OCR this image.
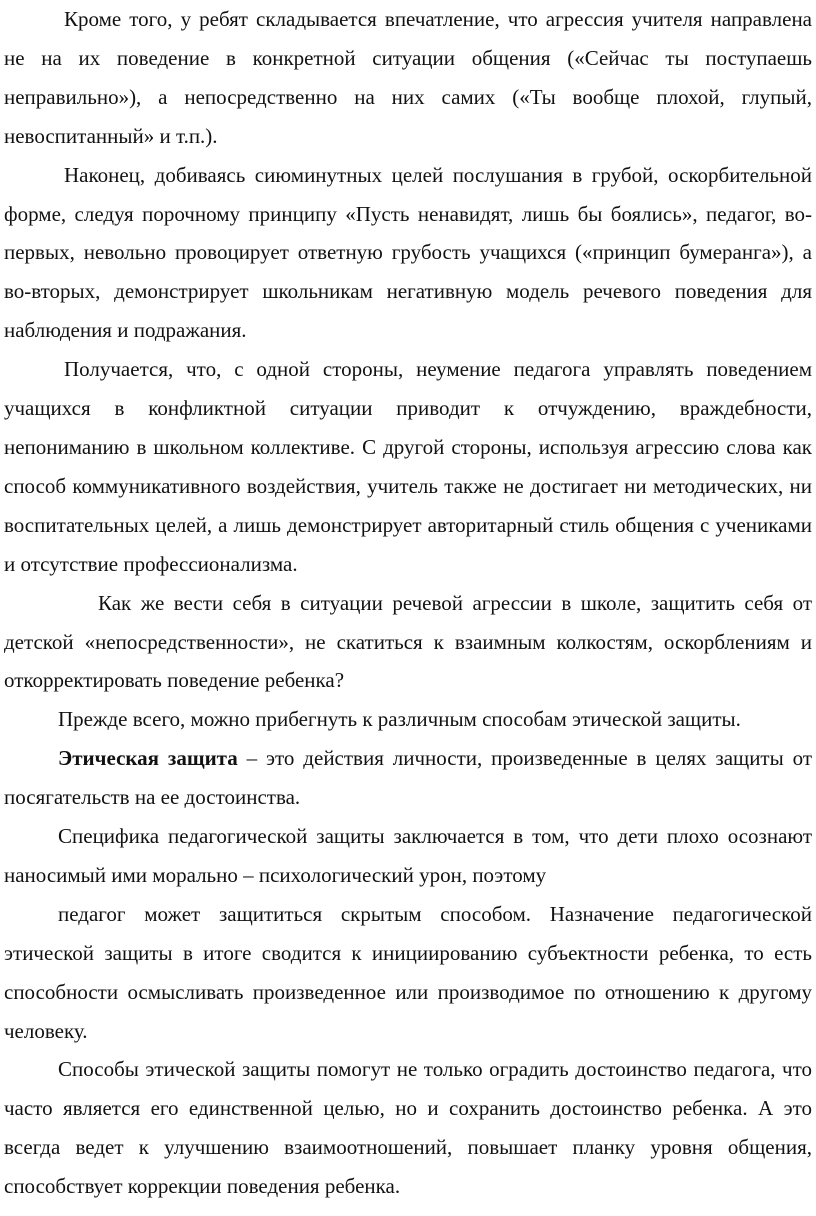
Кроме того, у ребят складывается впечатление, что агрессия учителя направлена не на их поведение в конкретной ситуации общения («Сейчас ты поступаешь неправильно»), а непосредственно на них самих («Ты вообще плохой, глупый, невоспитанный» и т.п.).

Наконец, добиваясь сиюминутных целей послушания в грубой, оскорбительной форме, следуя порочному принципу «Пусть ненавидят, лишь бы боялись», педагог, во-первых, невольно провоцирует ответную грубость учащихся («принцип бумеранга»), а во-вторых, демонстрирует школьникам негативную модель речевого поведения для наблюдения и подражания.

Получается, что, с одной стороны, неумение педагога управлять поведением учащихся в конфликтной ситуации приводит к отчуждению, враждебности, непониманию в школьном коллективе. С другой стороны, используя агрессию слова как способ коммуникативного воздействия, учитель также не достигает ни методических, ни воспитательных целей, а лишь демонстрирует авторитарный стиль общения с учениками и отсутствие профессионализма.

Как же вести себя в ситуации речевой агрессии в школе, защитить себя от детской «непосредственности», не скатиться к взаимным колкостям, оскорблениям и откорректировать поведение ребенка?

Прежде всего, можно прибегнуть к различным способам этической защиты.

Этическая защита – это действия личности, произведенные в целях защиты от посягательств на ее достоинства.

Специфика педагогической защиты заключается в том, что дети плохо осознают наносимый ими морально – психологический урон, поэтому

педагог может защититься скрытым способом. Назначение педагогической этической защиты в итоге сводится к инициированию субъектности ребенка, то есть способности осмысливать произведенное или производимое по отношению к другому человеку.

Способы этической защиты помогут не только оградить достоинство педагога, что часто является его единственной целью, но и сохранить достоинство ребенка. А это всегда ведет к улучшению взаимоотношений, повышает планку уровня общения, способствует коррекции поведения ребенка.
